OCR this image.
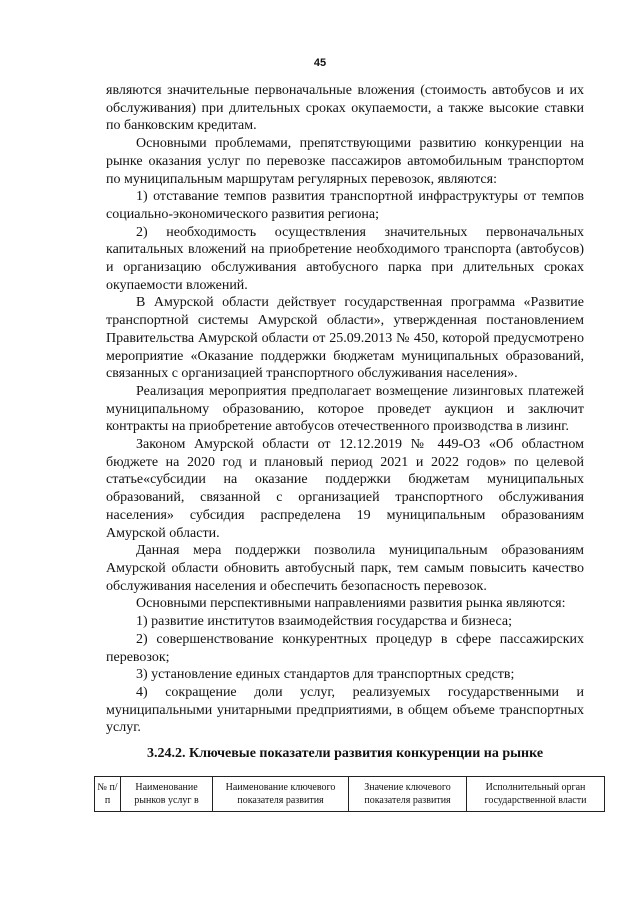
45

являются значительные первоначальные вложения (стоимость автобусов и их обслуживания) при длительных сроках окупаемости, а также высокие ставки по банковским кредитам.

Основными проблемами, препятствующими развитию конкуренции на рынке оказания услуг по перевозке пассажиров автомобильным транспортом по муниципальным маршрутам регулярных перевозок, являются:

1) отставание темпов развития транспортной инфраструктуры от темпов социально-экономического развития региона;

2) необходимость осуществления значительных первоначальных капитальных вложений на приобретение необходимого транспорта (автобусов) и организацию обслуживания автобусного парка при длительных сроках окупаемости вложений.

В Амурской области действует государственная программа «Развитие транспортной системы Амурской области», утвержденная постановлением Правительства Амурской области от 25.09.2013 № 450, которой предусмотрено мероприятие «Оказание поддержки бюджетам муниципальных образований, связанных с организацией транспортного обслуживания населения».

Реализация мероприятия предполагает возмещение лизинговых платежей муниципальному образованию, которое проведет аукцион и заключит контракты на приобретение автобусов отечественного производства в лизинг.

Законом Амурской области от 12.12.2019 № 449-ОЗ «Об областном бюджете на 2020 год и плановый период 2021 и 2022 годов» по целевой статье«субсидии на оказание поддержки бюджетам муниципальных образований, связанной с организацией транспортного обслуживания населения» субсидия распределена 19 муниципальным образованиям Амурской области.

Данная мера поддержки позволила муниципальным образованиям Амурской области обновить автобусный парк, тем самым повысить качество обслуживания населения и обеспечить безопасность перевозок.

Основными перспективными направлениями развития рынка являются:

1) развитие институтов взаимодействия государства и бизнеса;

2) совершенствование конкурентных процедур в сфере пассажирских перевозок;

3) установление единых стандартов для транспортных средств;

4) сокращение доли услуг, реализуемых государственными и муниципальными унитарными предприятиями, в общем объеме транспортных услуг.

3.24.2. Ключевые показатели развития конкуренции на рынке
№ п/п	Наименование рынков услуг в	Наименование ключевого показателя развития	Значение ключевого показателя развития	Исполнительный орган государственной власти
